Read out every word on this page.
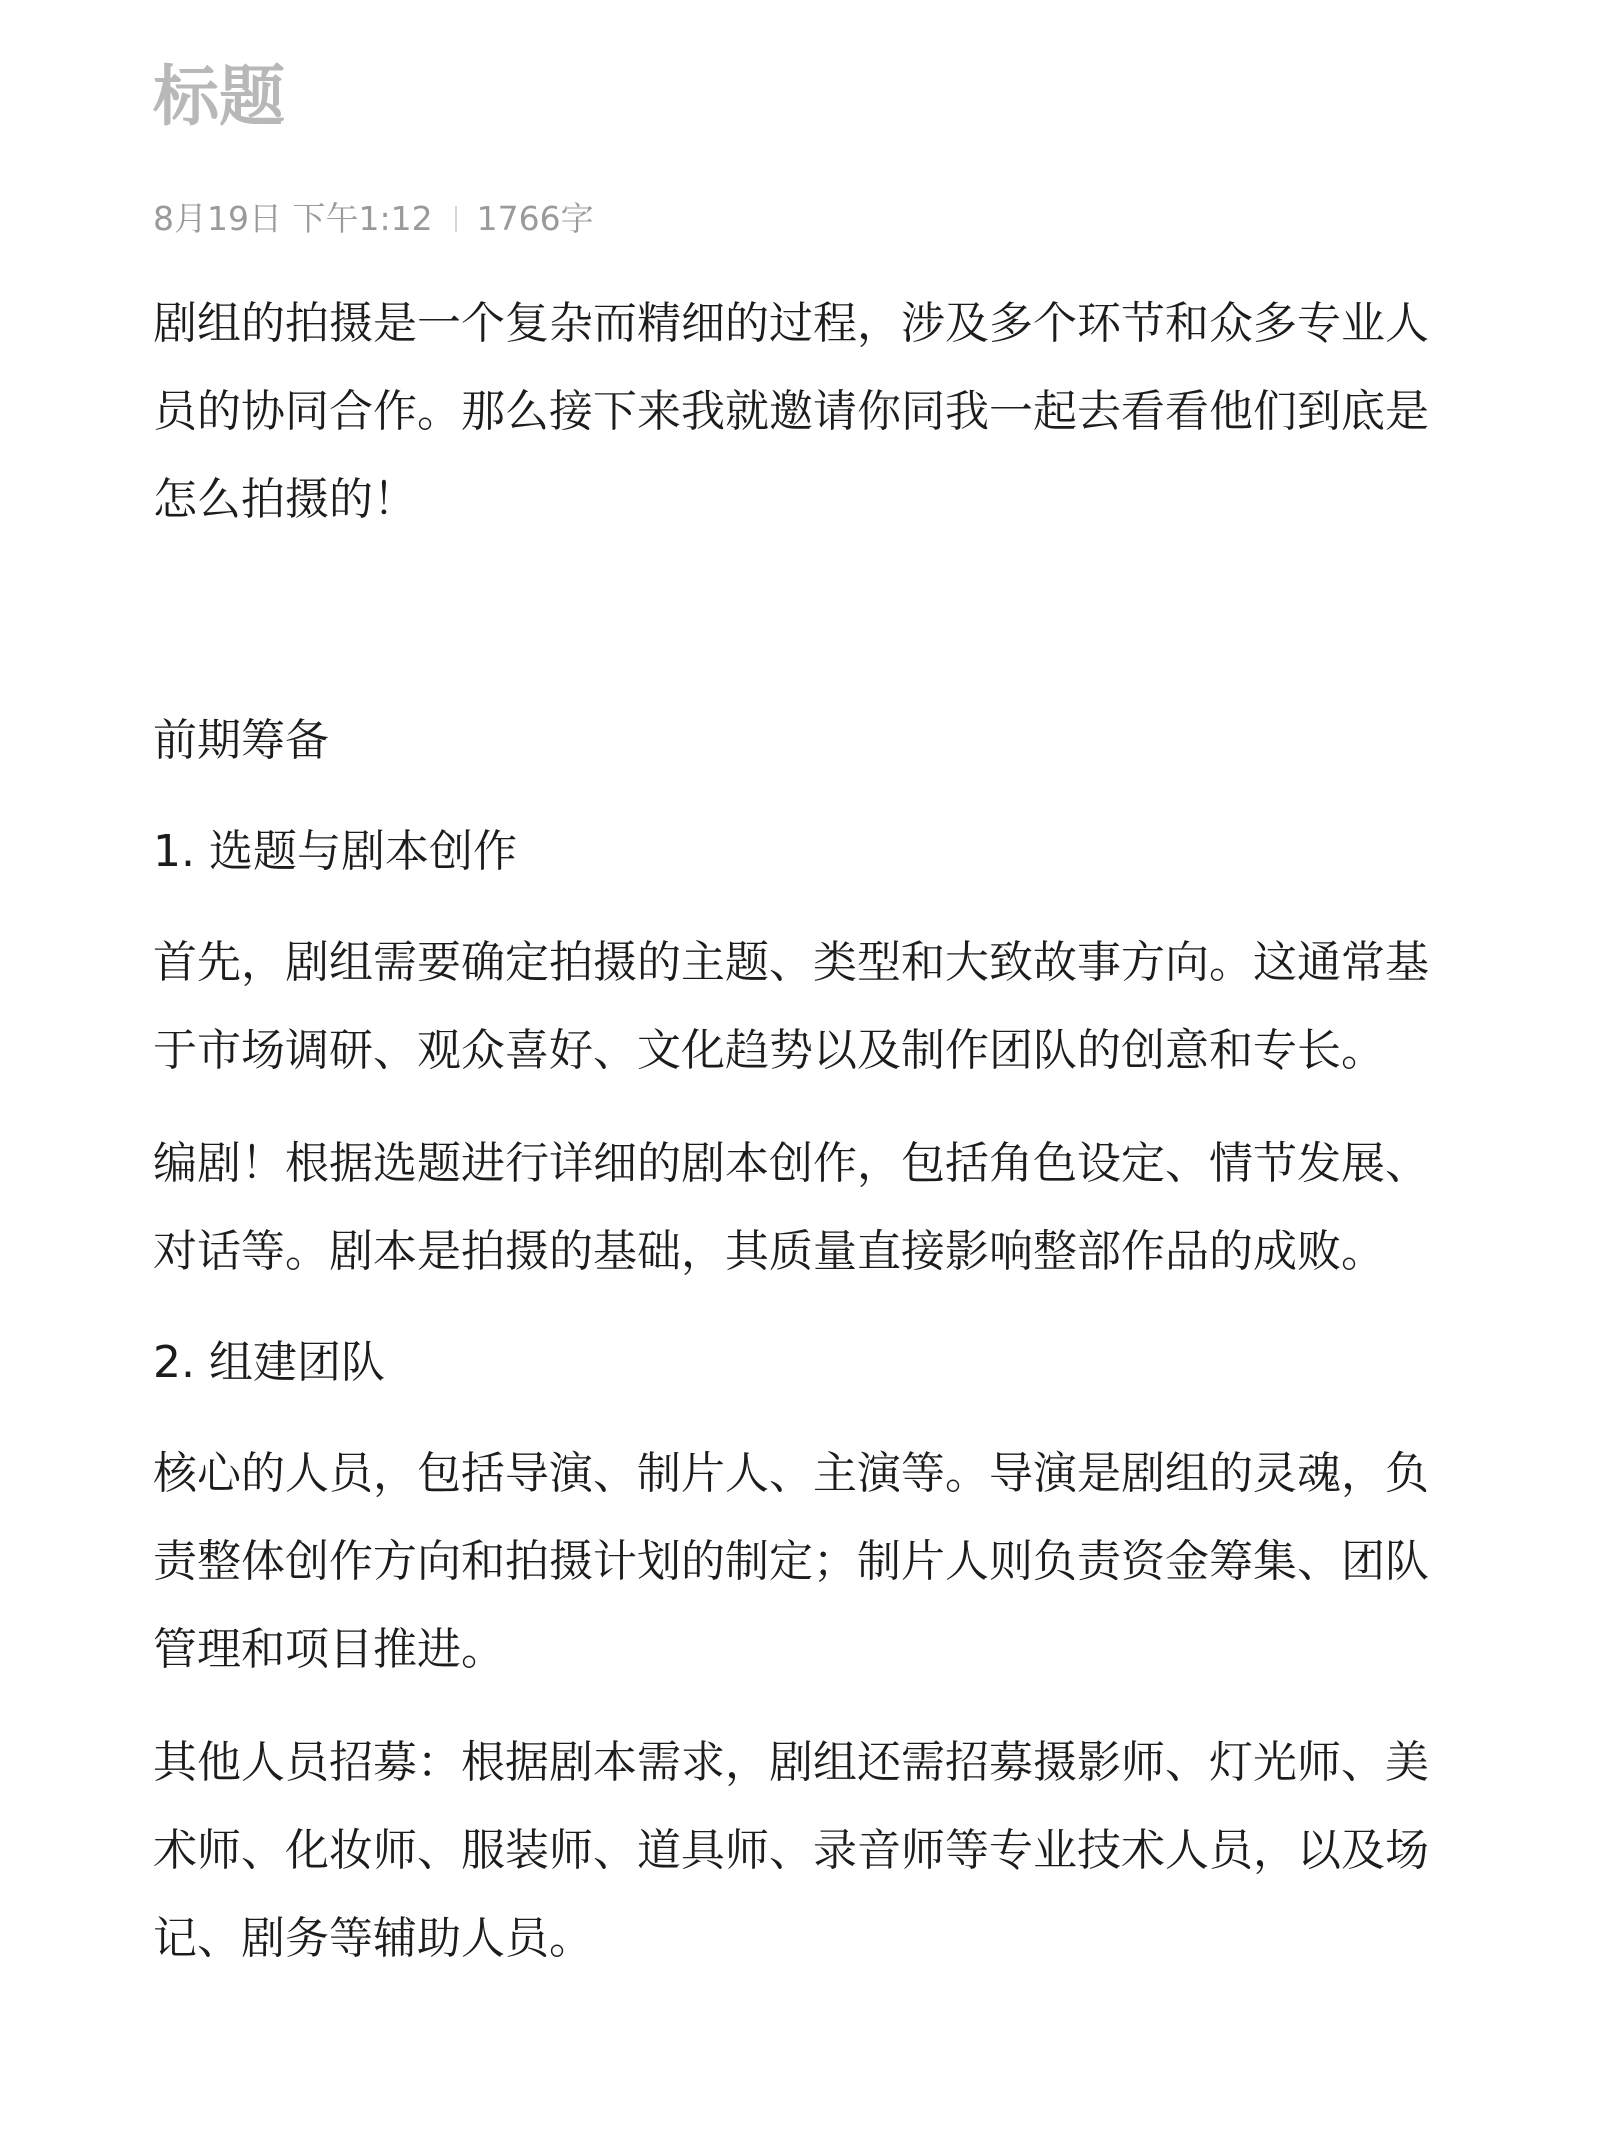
标题
8月19日 下午1:12 1766字

剧组的拍摄是一个复杂而精细的过程，涉及多个环节和众多专业人员的协同合作。那么接下来我就邀请你同我一起去看看他们到底是怎么拍摄的！

前期筹备

1. 选题与剧本创作

首先，剧组需要确定拍摄的主题、类型和大致故事方向。这通常基于市场调研、观众喜好、文化趋势以及制作团队的创意和专长。

编剧！根据选题进行详细的剧本创作，包括角色设定、情节发展、对话等。剧本是拍摄的基础，其质量直接影响整部作品的成败。

2. 组建团队

核心的人员，包括导演、制片人、主演等。导演是剧组的灵魂，负责整体创作方向和拍摄计划的制定；制片人则负责资金筹集、团队管理和项目推进。

其他人员招募：根据剧本需求，剧组还需招募摄影师、灯光师、美术师、化妆师、服装师、道具师、录音师等专业技术人员，以及场记、剧务等辅助人员。
